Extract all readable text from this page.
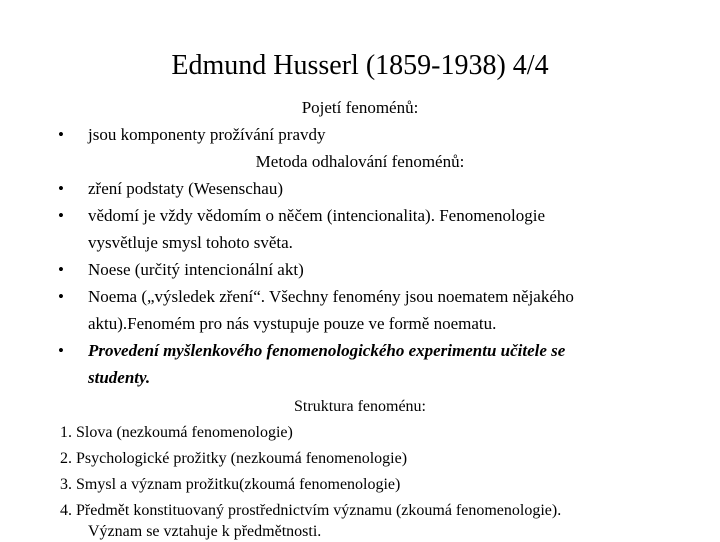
Edmund Husserl (1859-1938) 4/4
Pojetí fenoménů:
• jsou komponenty prožívání pravdy
Metoda odhalování fenoménů:
• zření podstaty (Wesenschau)
• vědomí je vždy vědomím o něčem (intencionalita). Fenomenologie
vysvětluje smysl tohoto světa.
• Noese (určitý intencionální akt)
• Noema („výsledek zření“. Všechny fenomény jsou noematem nějakého
aktu).Fenomém pro nás vystupuje pouze ve formě noematu.
• Provedení myšlenkového fenomenologického experimentu učitele se
studenty.
Struktura fenoménu:
1. Slova (nezkoumá fenomenologie)
2. Psychologické prožitky (nezkoumá fenomenologie)
3. Smysl a význam prožitku(zkoumá fenomenologie)
4. Předmět konstituovaný prostřednictvím významu (zkoumá fenomenologie).
Význam se vztahuje k předmětnosti.
